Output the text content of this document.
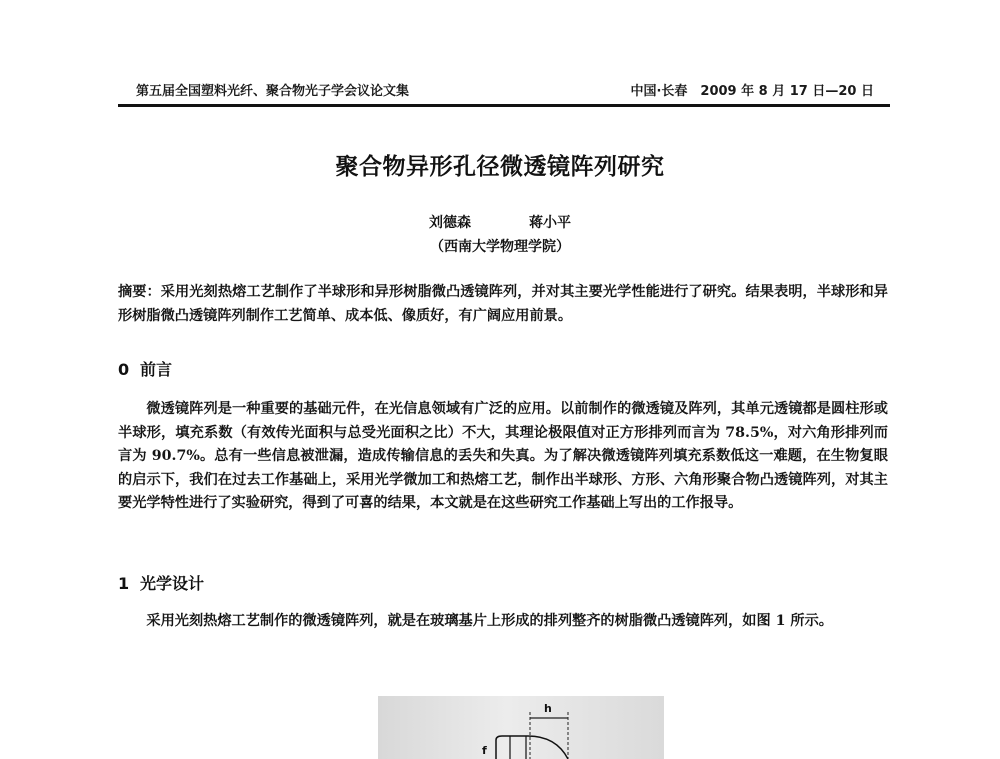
第五届全国塑料光纤、聚合物光子学会议论文集	中国·长春　2009 年 8 月 17 日—20 日
聚合物异形孔径微透镜阵列研究
刘德森	蒋小平
（西南大学物理学院）
摘要：采用光刻热熔工艺制作了半球形和异形树脂微凸透镜阵列，并对其主要光学性能进行了研究。结果表明，半球形和异形树脂微凸透镜阵列制作工艺简单、成本低、像质好，有广阔应用前景。
0 前言
微透镜阵列是一种重要的基础元件，在光信息领域有广泛的应用。以前制作的微透镜及阵列，其单元透镜都是圆柱形或半球形，填充系数（有效传光面积与总受光面积之比）不大，其理论极限值对正方形排列而言为 78.5%，对六角形排列而言为 90.7%。总有一些信息被泄漏，造成传输信息的丢失和失真。为了解决微透镜阵列填充系数低这一难题，在生物复眼的启示下，我们在过去工作基础上，采用光学微加工和热熔工艺，制作出半球形、方形、六角形聚合物凸透镜阵列，对其主要光学特性进行了实验研究，得到了可喜的结果，本文就是在这些研究工作基础上写出的工作报导。
1 光学设计
采用光刻热熔工艺制作的微透镜阵列，就是在玻璃基片上形成的排列整齐的树脂微凸透镜阵列，如图 1 所示。
h
f
